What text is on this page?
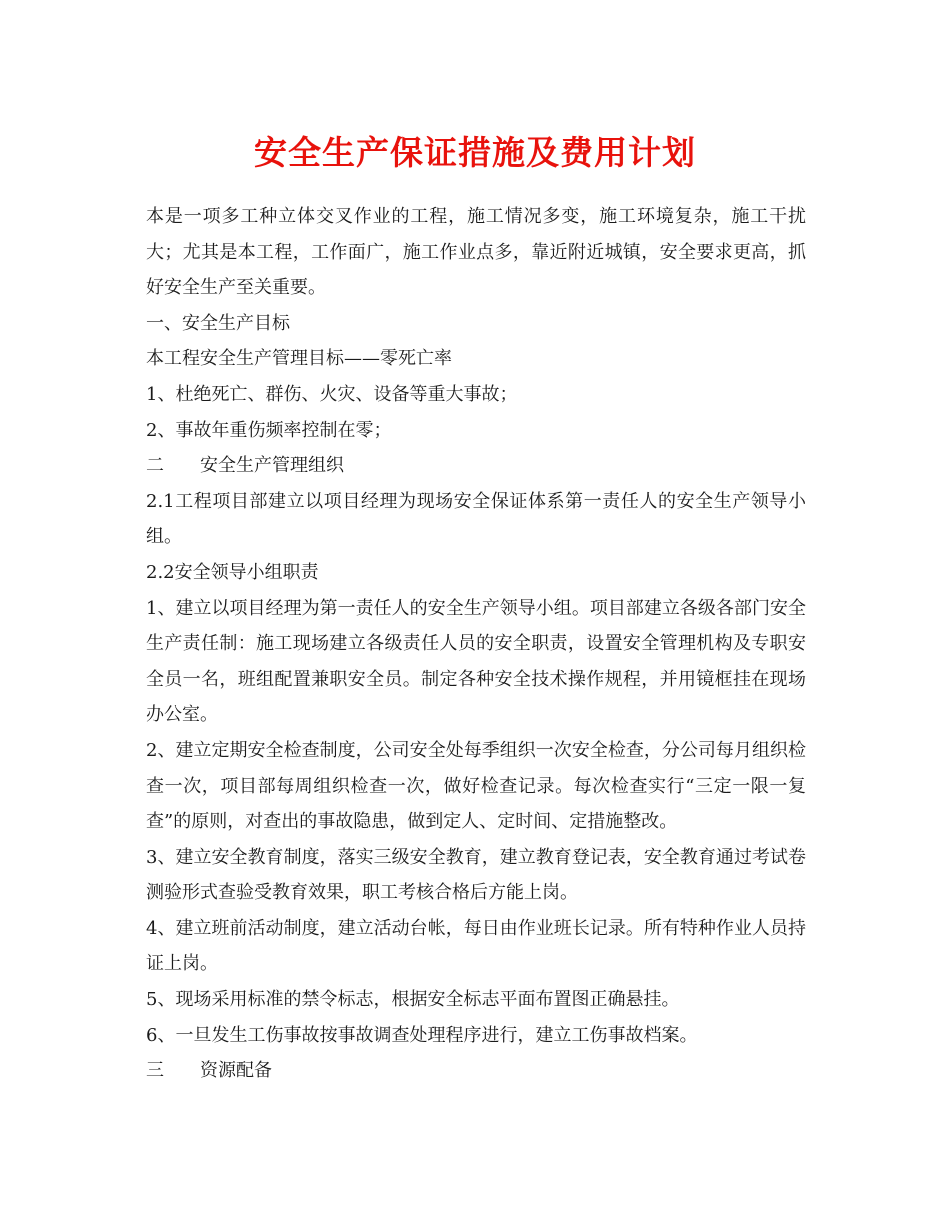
安全生产保证措施及费用计划

本是一项多工种立体交叉作业的工程，施工情况多变，施工环境复杂，施工干扰大；尤其是本工程，工作面广，施工作业点多，靠近附近城镇，安全要求更高，抓好安全生产至关重要。

一、安全生产目标

本工程安全生产管理目标——零死亡率

1、杜绝死亡、群伤、火灾、设备等重大事故；

2、事故年重伤频率控制在零；

二 安全生产管理组织

2.1工程项目部建立以项目经理为现场安全保证体系第一责任人的安全生产领导小组。

2.2安全领导小组职责

1、建立以项目经理为第一责任人的安全生产领导小组。项目部建立各级各部门安全生产责任制：施工现场建立各级责任人员的安全职责，设置安全管理机构及专职安全员一名，班组配置兼职安全员。制定各种安全技术操作规程，并用镜框挂在现场办公室。

2、建立定期安全检查制度，公司安全处每季组织一次安全检查，分公司每月组织检查一次，项目部每周组织检查一次，做好检查记录。每次检查实行“三定一限一复查”的原则，对查出的事故隐患，做到定人、定时间、定措施整改。

3、建立安全教育制度，落实三级安全教育，建立教育登记表，安全教育通过考试卷测验形式查验受教育效果，职工考核合格后方能上岗。

4、建立班前活动制度，建立活动台帐，每日由作业班长记录。所有特种作业人员持证上岗。

5、现场采用标准的禁令标志，根据安全标志平面布置图正确悬挂。

6、一旦发生工伤事故按事故调查处理程序进行，建立工伤事故档案。

三 资源配备
